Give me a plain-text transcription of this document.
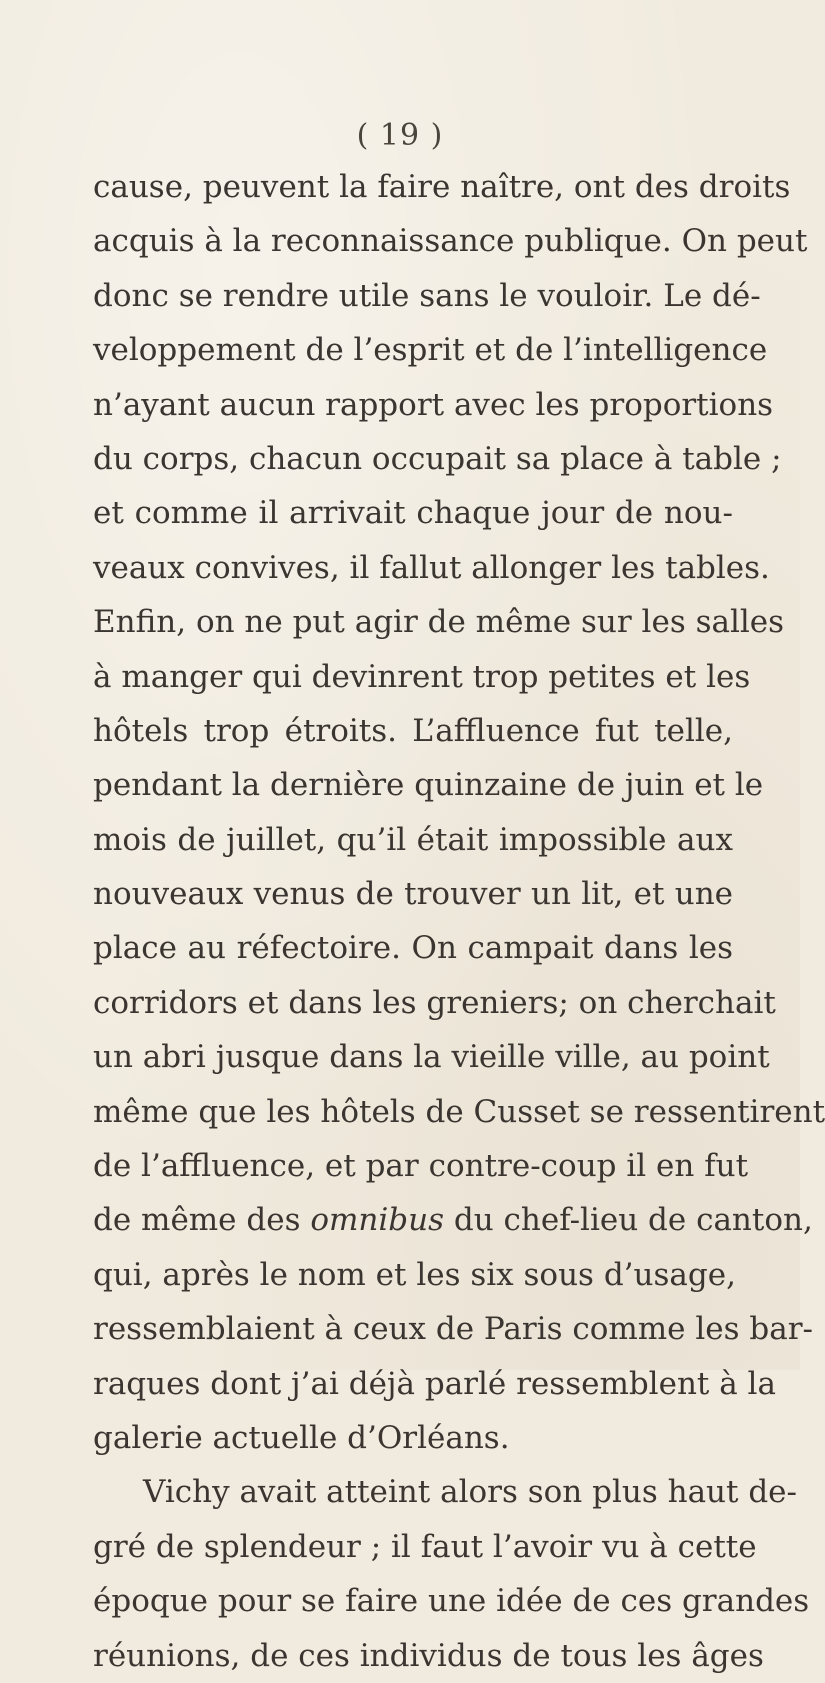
( 19 )
cause, peuvent la faire naître, ont des droits
acquis à la reconnaissance publique. On peut
donc se rendre utile sans le vouloir. Le dé-
veloppement de l’esprit et de l’intelligence
n’ayant aucun rapport avec les proportions
du corps, chacun occupait sa place à table ;
et comme il arrivait chaque jour de nou-
veaux convives, il fallut allonger les tables.
Enfin, on ne put agir de même sur les salles
à manger qui devinrent trop petites et les
hôtels trop étroits. L’affluence fut telle,
pendant la dernière quinzaine de juin et le
mois de juillet, qu’il était impossible aux
nouveaux venus de trouver un lit, et une
place au réfectoire. On campait dans les
corridors et dans les greniers; on cherchait
un abri jusque dans la vieille ville, au point
même que les hôtels de Cusset se ressentirent
de l’affluence, et par contre-coup il en fut
de même des omnibus du chef-lieu de canton,
qui, après le nom et les six sous d’usage,
ressemblaient à ceux de Paris comme les bar-
raques dont j’ai déjà parlé ressemblent à la
galerie actuelle d’Orléans.
Vichy avait atteint alors son plus haut de-
gré de splendeur ; il faut l’avoir vu à cette
époque pour se faire une idée de ces grandes
réunions, de ces individus de tous les âges
